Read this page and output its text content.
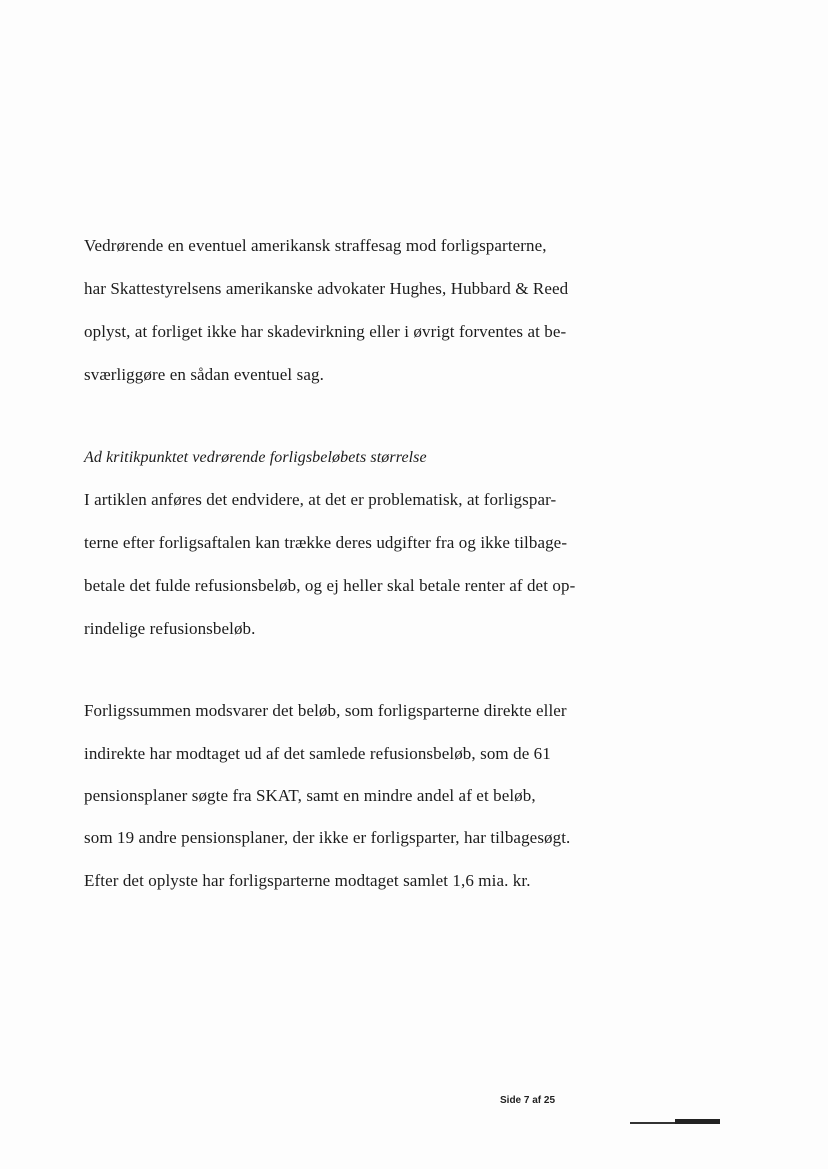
Vedrørende en eventuel amerikansk straffesag mod forligsparterne,
har Skattestyrelsens amerikanske advokater Hughes, Hubbard & Reed
oplyst, at forliget ikke har skadevirkning eller i øvrigt forventes at be-
sværliggøre en sådan eventuel sag.
Ad kritikpunktet vedrørende forligsbeløbets størrelse
I artiklen anføres det endvidere, at det er problematisk, at forligspar-
terne efter forligsaftalen kan trække deres udgifter fra og ikke tilbage-
betale det fulde refusionsbeløb, og ej heller skal betale renter af det op-
rindelige refusionsbeløb.
Forligssummen modsvarer det beløb, som forligsparterne direkte eller
indirekte har modtaget ud af det samlede refusionsbeløb, som de 61
pensionsplaner søgte fra SKAT, samt en mindre andel af et beløb,
som 19 andre pensionsplaner, der ikke er forligsparter, har tilbagesøgt.
Efter det oplyste har forligsparterne modtaget samlet 1,6 mia. kr.
Side 7 af 25
